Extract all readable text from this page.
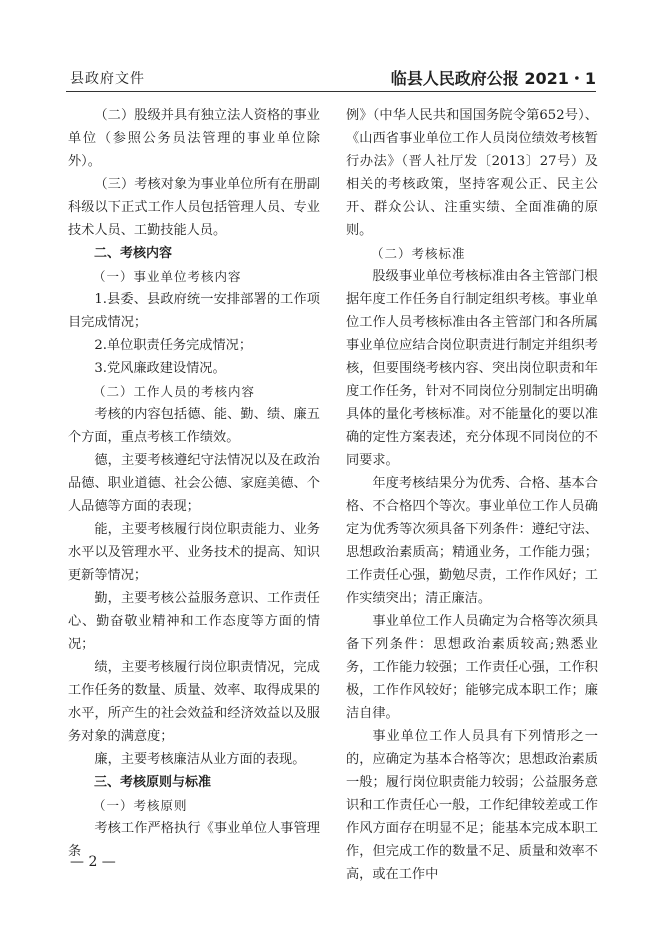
县政府文件	临县人民政府公报 2021・1

（二）股级并具有独立法人资格的事业单位（参照公务员法管理的事业单位除外）。

（三）考核对象为事业单位所有在册副科级以下正式工作人员包括管理人员、专业技术人员、工勤技能人员。

二、考核内容

（一）事业单位考核内容

1.县委、县政府统一安排部署的工作项目完成情况；

2.单位职责任务完成情况；

3.党风廉政建设情况。

（二）工作人员的考核内容

考核的内容包括德、能、勤、绩、廉五个方面，重点考核工作绩效。

德，主要考核遵纪守法情况以及在政治品德、职业道德、社会公德、家庭美德、个人品德等方面的表现；

能，主要考核履行岗位职责能力、业务水平以及管理水平、业务技术的提高、知识更新等情况；

勤，主要考核公益服务意识、工作责任心、勤奋敬业精神和工作态度等方面的情况；

绩，主要考核履行岗位职责情况，完成工作任务的数量、质量、效率、取得成果的水平，所产生的社会效益和经济效益以及服务对象的满意度；

廉，主要考核廉洁从业方面的表现。

三、考核原则与标准

（一）考核原则

考核工作严格执行《事业单位人事管理条

例》（中华人民共和国国务院令第652号）、《山西省事业单位工作人员岗位绩效考核暂行办法》（晋人社厅发〔2013〕27号）及相关的考核政策，坚持客观公正、民主公开、群众公认、注重实绩、全面准确的原则。

（二）考核标准

股级事业单位考核标准由各主管部门根据年度工作任务自行制定组织考核。事业单位工作人员考核标准由各主管部门和各所属事业单位应结合岗位职责进行制定并组织考核，但要围绕考核内容、突出岗位职责和年度工作任务，针对不同岗位分别制定出明确具体的量化考核标准。对不能量化的要以准确的定性方案表述，充分体现不同岗位的不同要求。

年度考核结果分为优秀、合格、基本合格、不合格四个等次。事业单位工作人员确定为优秀等次须具备下列条件：遵纪守法、思想政治素质高；精通业务，工作能力强；工作责任心强，勤勉尽责，工作作风好；工作实绩突出；清正廉洁。

事业单位工作人员确定为合格等次须具备下列条件：思想政治素质较高;熟悉业务，工作能力较强；工作责任心强，工作积极，工作作风较好；能够完成本职工作；廉洁自律。

事业单位工作人员具有下列情形之一的，应确定为基本合格等次；思想政治素质一般；履行岗位职责能力较弱；公益服务意识和工作责任心一般，工作纪律较差或工作作风方面存在明显不足；能基本完成本职工作，但完成工作的数量不足、质量和效率不高，或在工作中

— 2 —
